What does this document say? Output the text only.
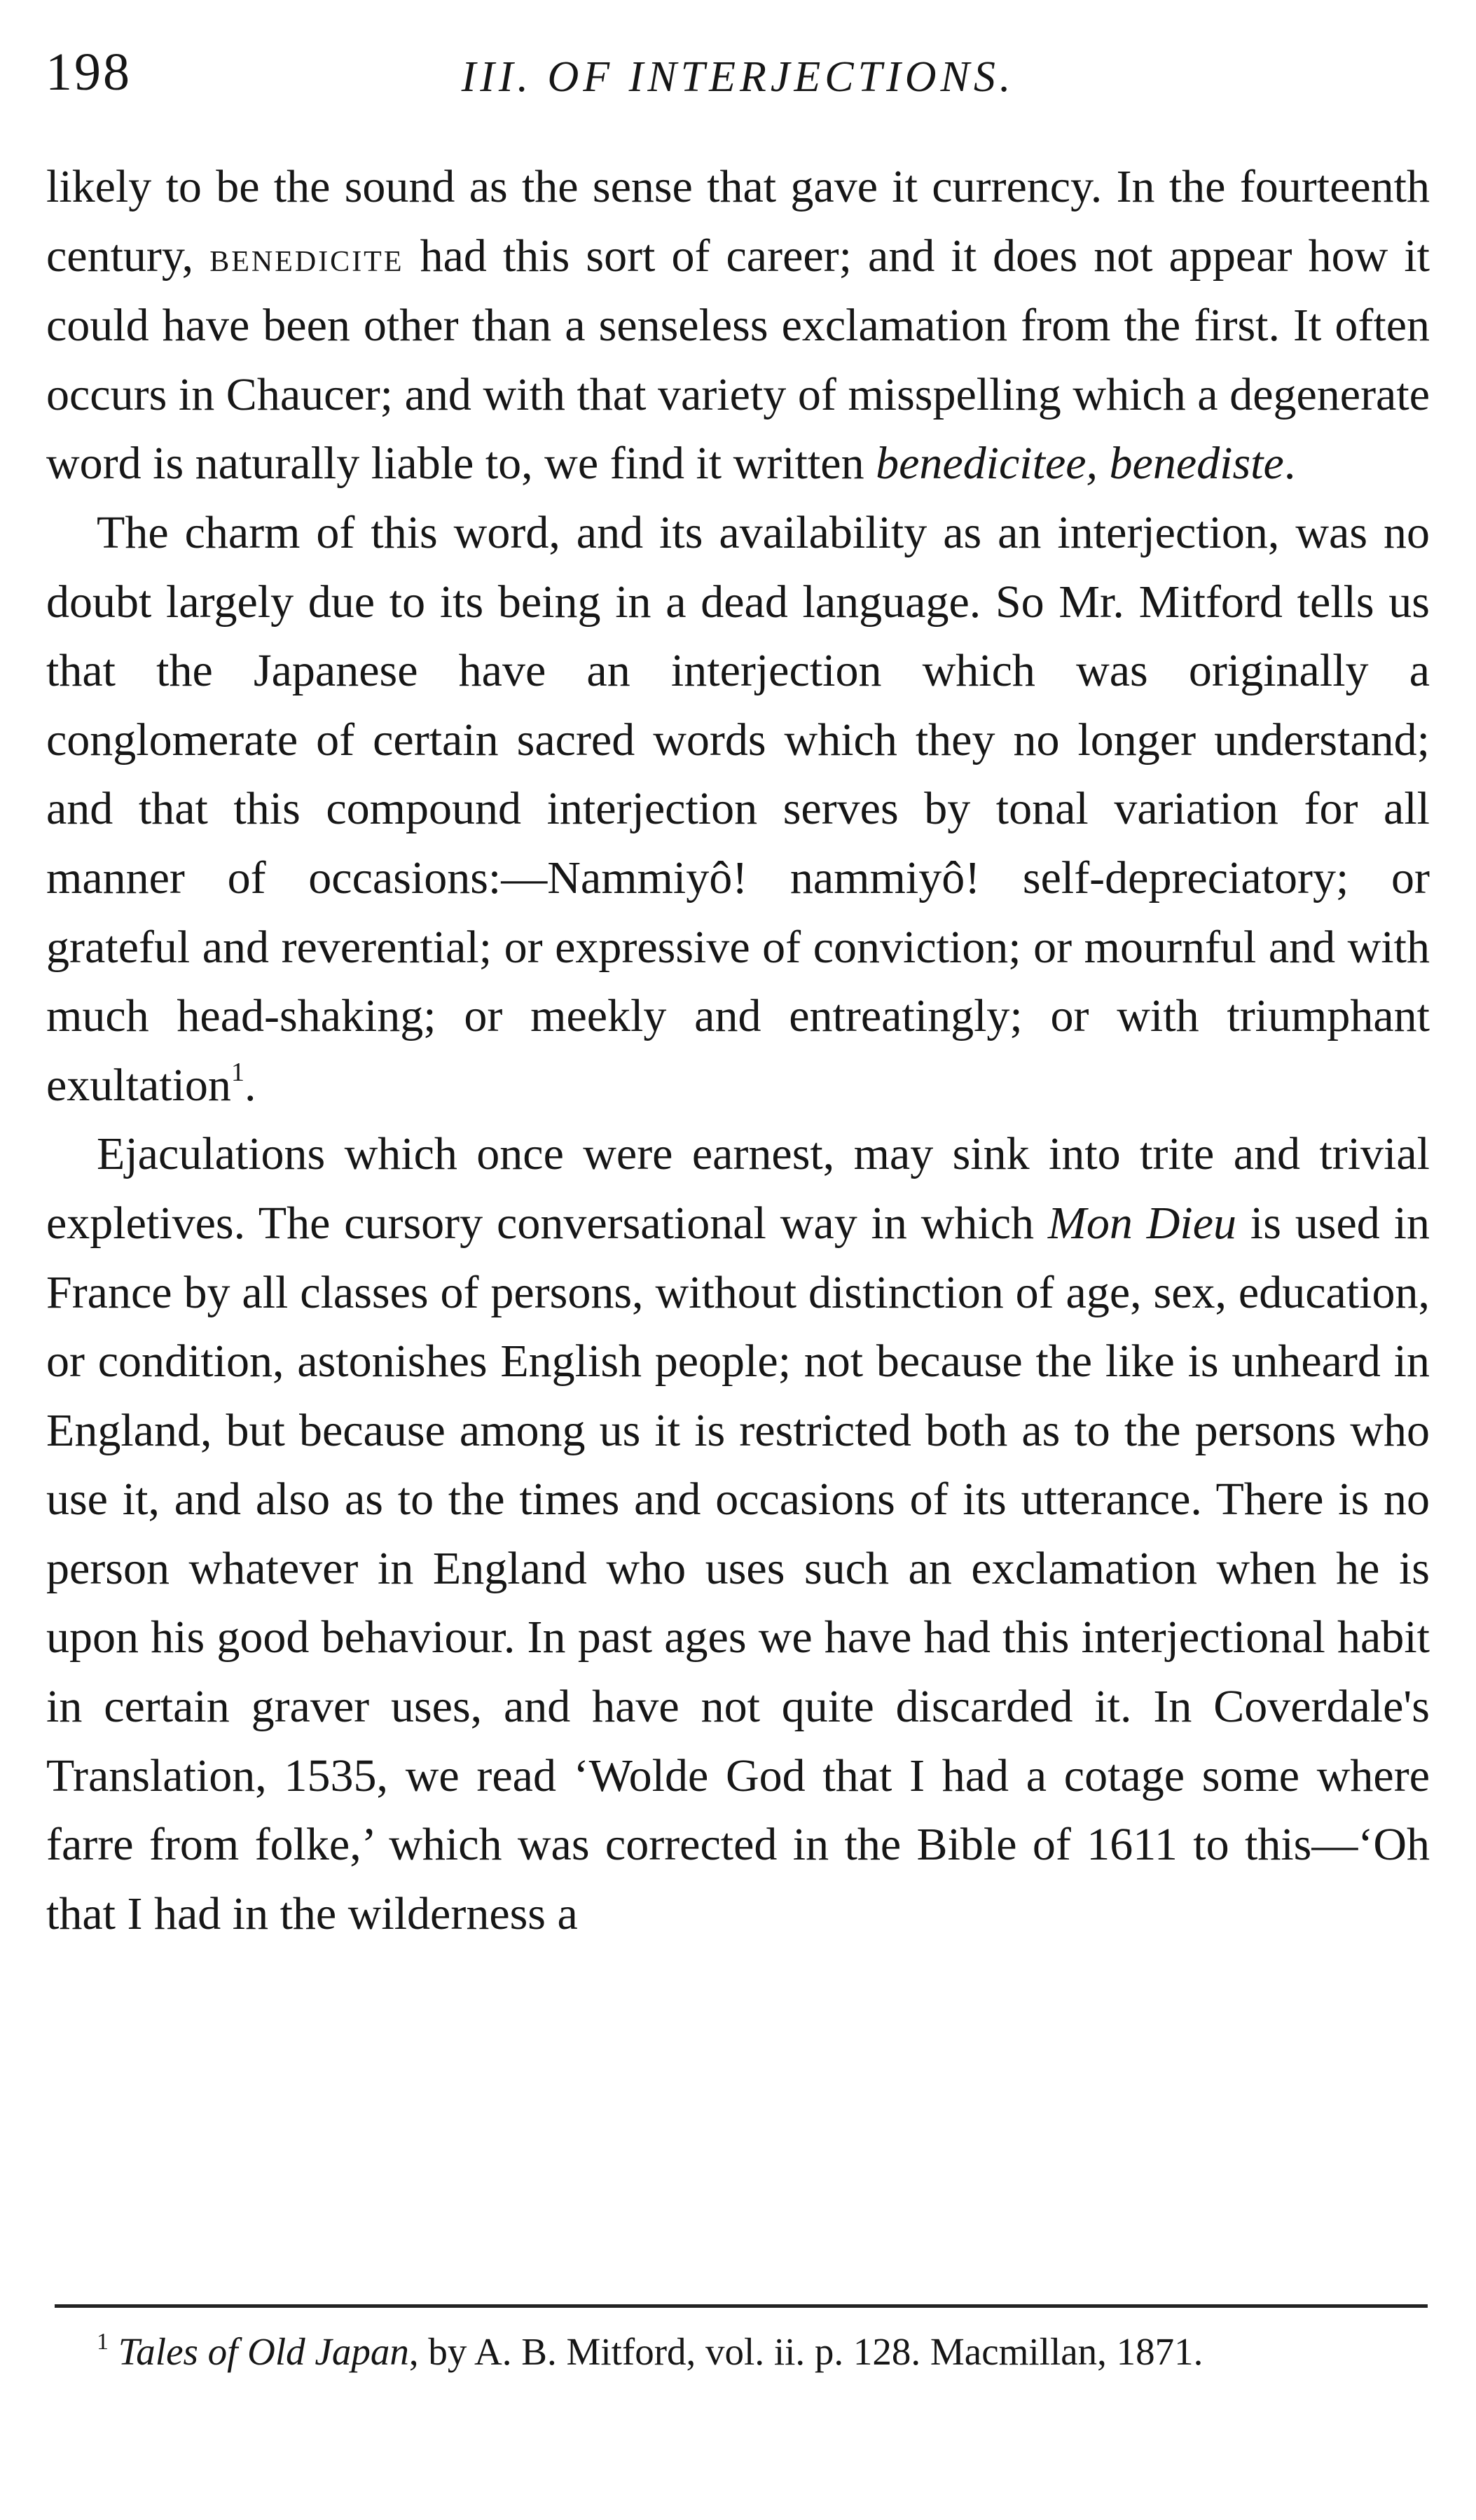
198	III. OF INTERJECTIONS.

likely to be the sound as the sense that gave it currency. In the fourteenth century, benedicite had this sort of career; and it does not appear how it could have been other than a senseless exclamation from the first. It often occurs in Chaucer; and with that variety of misspelling which a degenerate word is naturally liable to, we find it written benedicitee, benediste.

The charm of this word, and its availability as an interjection, was no doubt largely due to its being in a dead language. So Mr. Mitford tells us that the Japanese have an interjection which was originally a conglomerate of certain sacred words which they no longer understand; and that this compound interjection serves by tonal variation for all manner of occasions:—Nammiyô! nammiyô! self-depreciatory; or grateful and reverential; or expressive of conviction; or mournful and with much head-shaking; or meekly and entreatingly; or with triumphant exultation$^1$.

Ejaculations which once were earnest, may sink into trite and trivial expletives. The cursory conversational way in which Mon Dieu is used in France by all classes of persons, without distinction of age, sex, education, or condition, astonishes English people; not because the like is unheard in England, but because among us it is restricted both as to the persons who use it, and also as to the times and occasions of its utterance. There is no person whatever in England who uses such an exclamation when he is upon his good behaviour. In past ages we have had this interjectional habit in certain graver uses, and have not quite discarded it. In Coverdale's Translation, 1535, we read ‘Wolde God that I had a cotage some where farre from folke,’ which was corrected in the Bible of 1611 to this—‘Oh that I had in the wilderness a

$^1$ Tales of Old Japan, by A. B. Mitford, vol. ii. p. 128. Macmillan, 1871.
